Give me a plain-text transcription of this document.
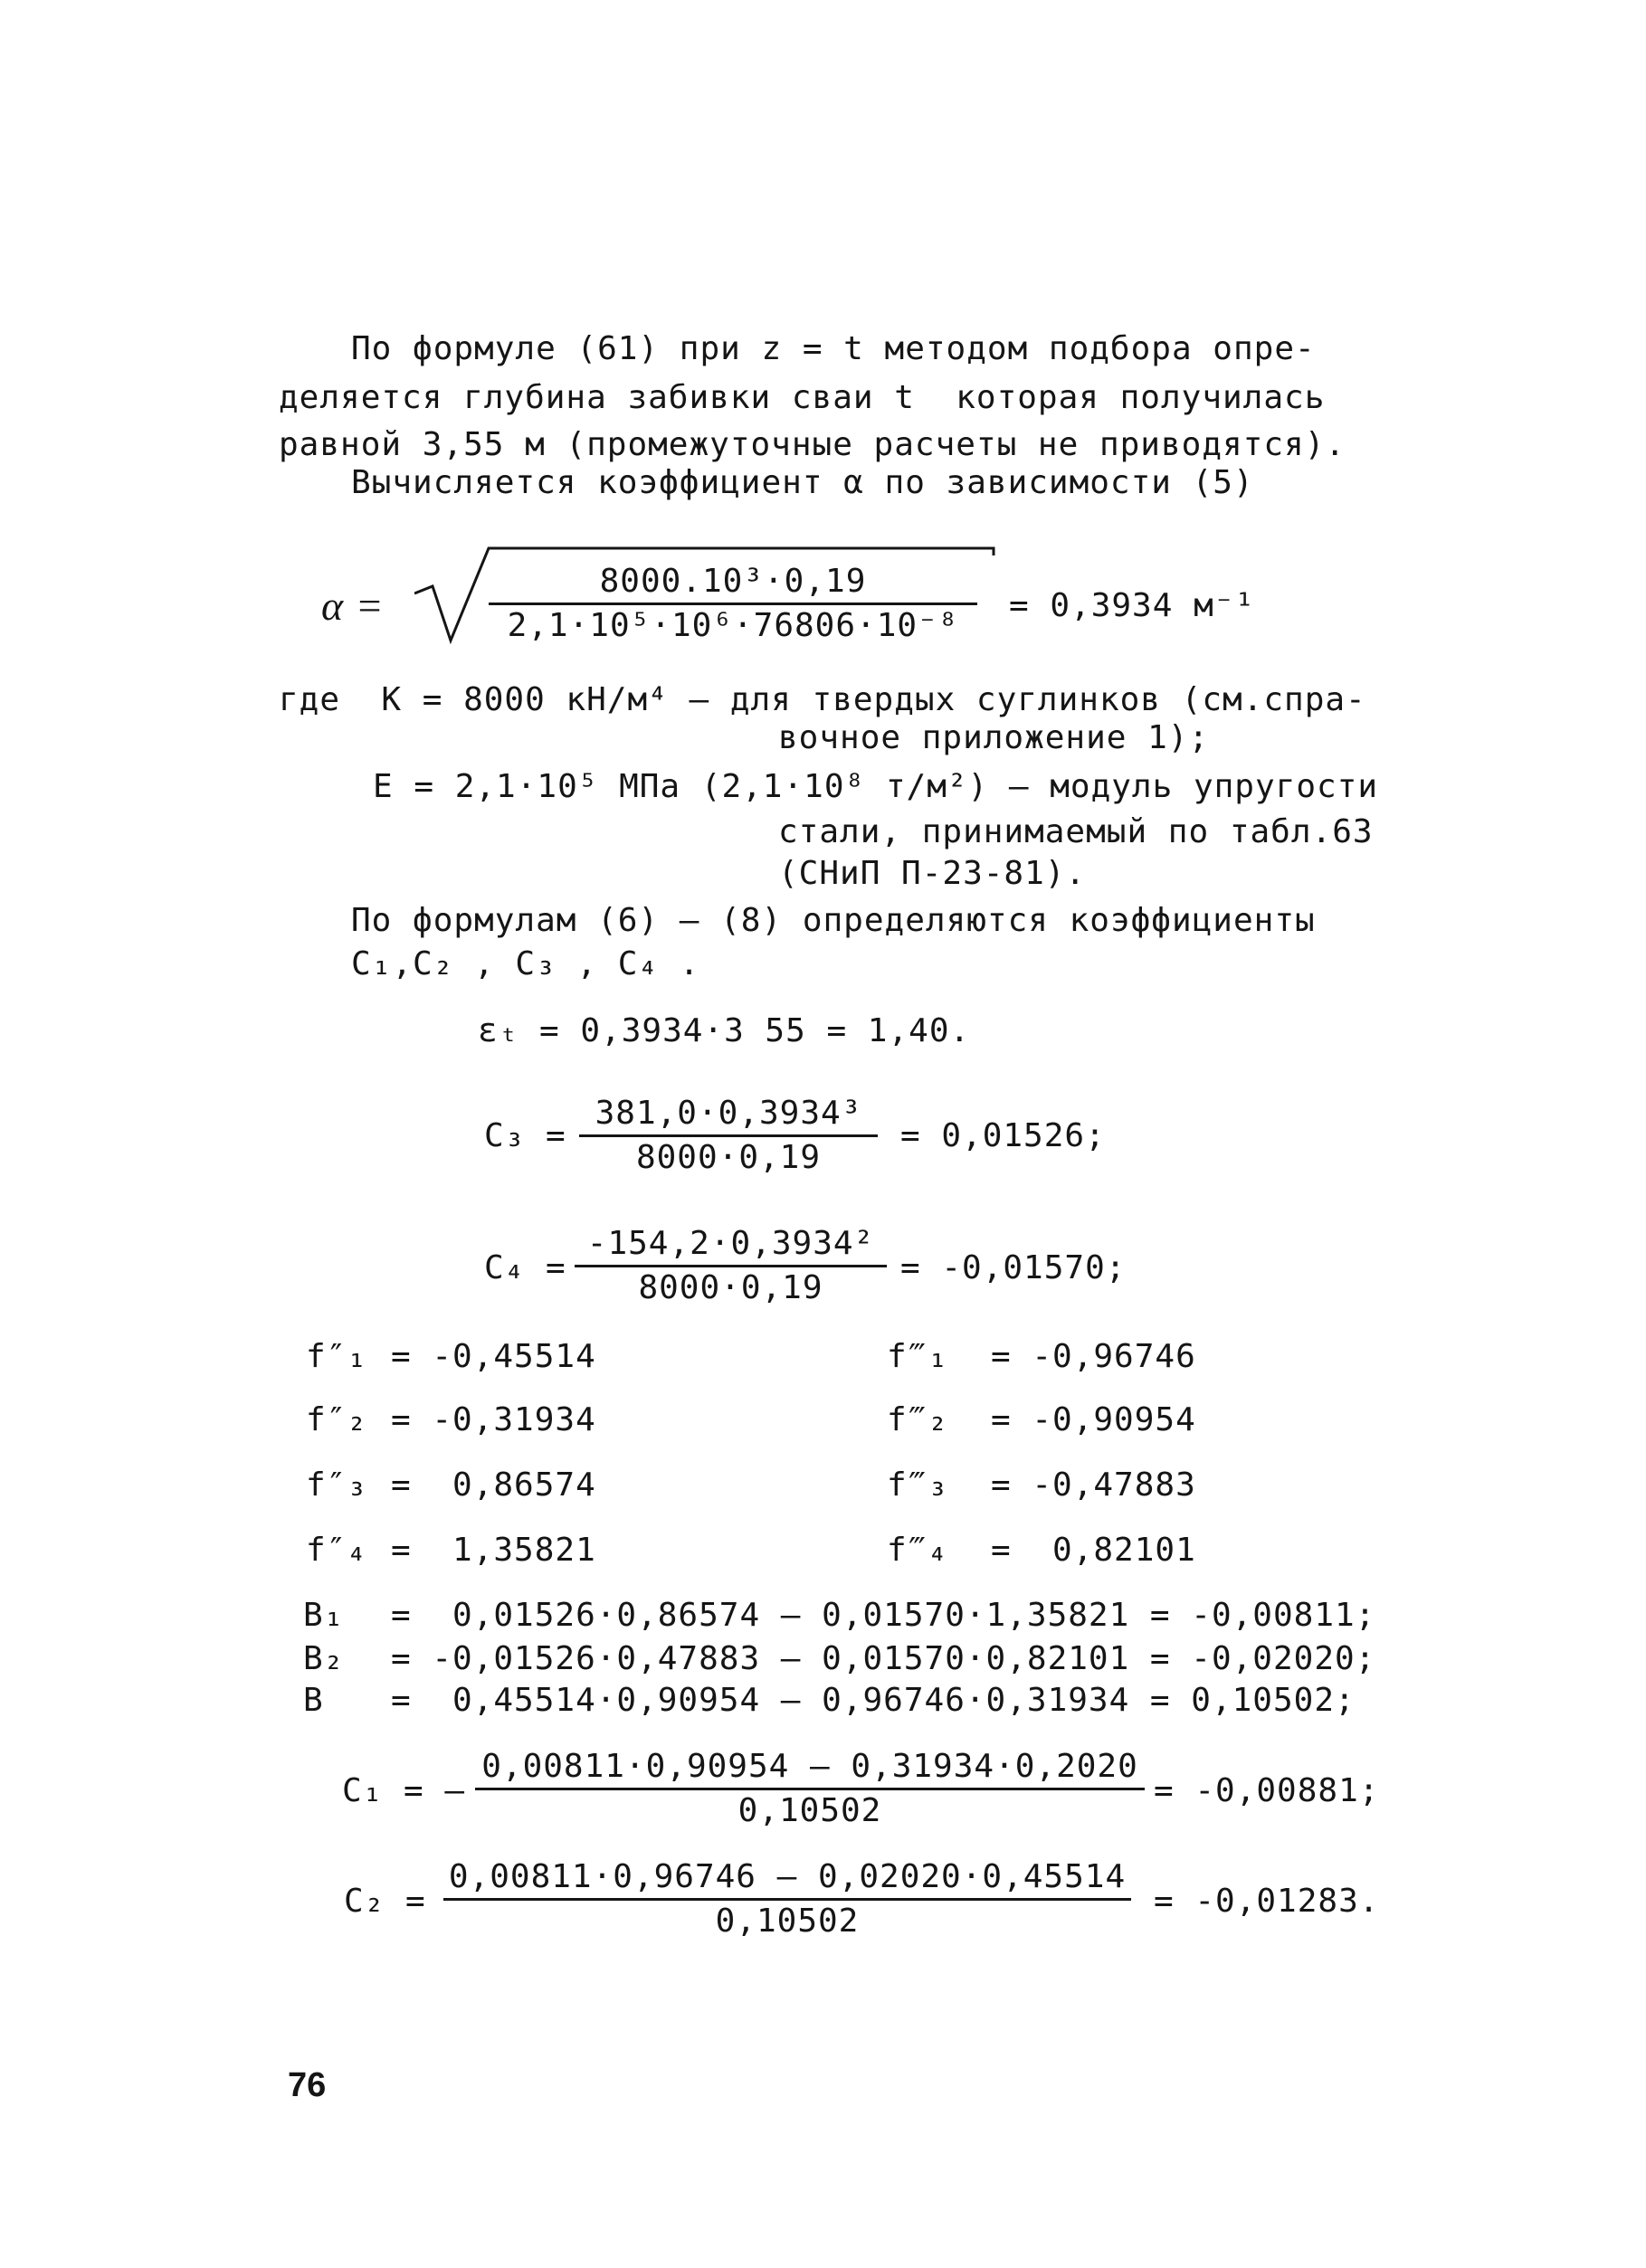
По формуле (61) при z = t методом подбора опре-
деляется глубина забивки сваи t  которая получилась
равной 3,55 м (промежуточные расчеты не приводятся).
Вычисляется коэффициент α по зависимости (5)
α =
8000.10³·0,19
2,1·10⁵·10⁶·76806·10⁻⁸
= 0,3934 м⁻¹
где  К = 8000 кН/м⁴ – для твердых суглинков (см.спра-
вочное приложение 1);
E = 2,1·10⁵ МПа (2,1·10⁸ т/м²) – модуль упругости
стали, принимаемый по табл.63
(СНиП П-23-81).
По формулам (6) – (8) определяются коэффициенты
C₁,C₂ , C₃ , C₄ .
εₜ = 0,3934·3 55 = 1,40.
C₃ =
381,0·0,3934³
8000·0,19
= 0,01526;
C₄ =
-154,2·0,3934²
8000·0,19
= -0,01570;
f″₁ = -0,45514
f″₂ = -0,31934
f″₃ =  0,86574
f″₄ =  1,35821
f‴₁ = -0,96746
f‴₂ = -0,90954
f‴₃ = -0,47883
f‴₄ =  0,82101
B₁ =  0,01526·0,86574 – 0,01570·1,35821 = -0,00811;
B₂ = -0,01526·0,47883 – 0,01570·0,82101 = -0,02020;
B =  0,45514·0,90954 – 0,96746·0,31934 = 0,10502;
C₁ = –
0,00811·0,90954 – 0,31934·0,2020
0,10502
= -0,00881;
C₂ =
0,00811·0,96746 – 0,02020·0,45514
0,10502
= -0,01283.
76
